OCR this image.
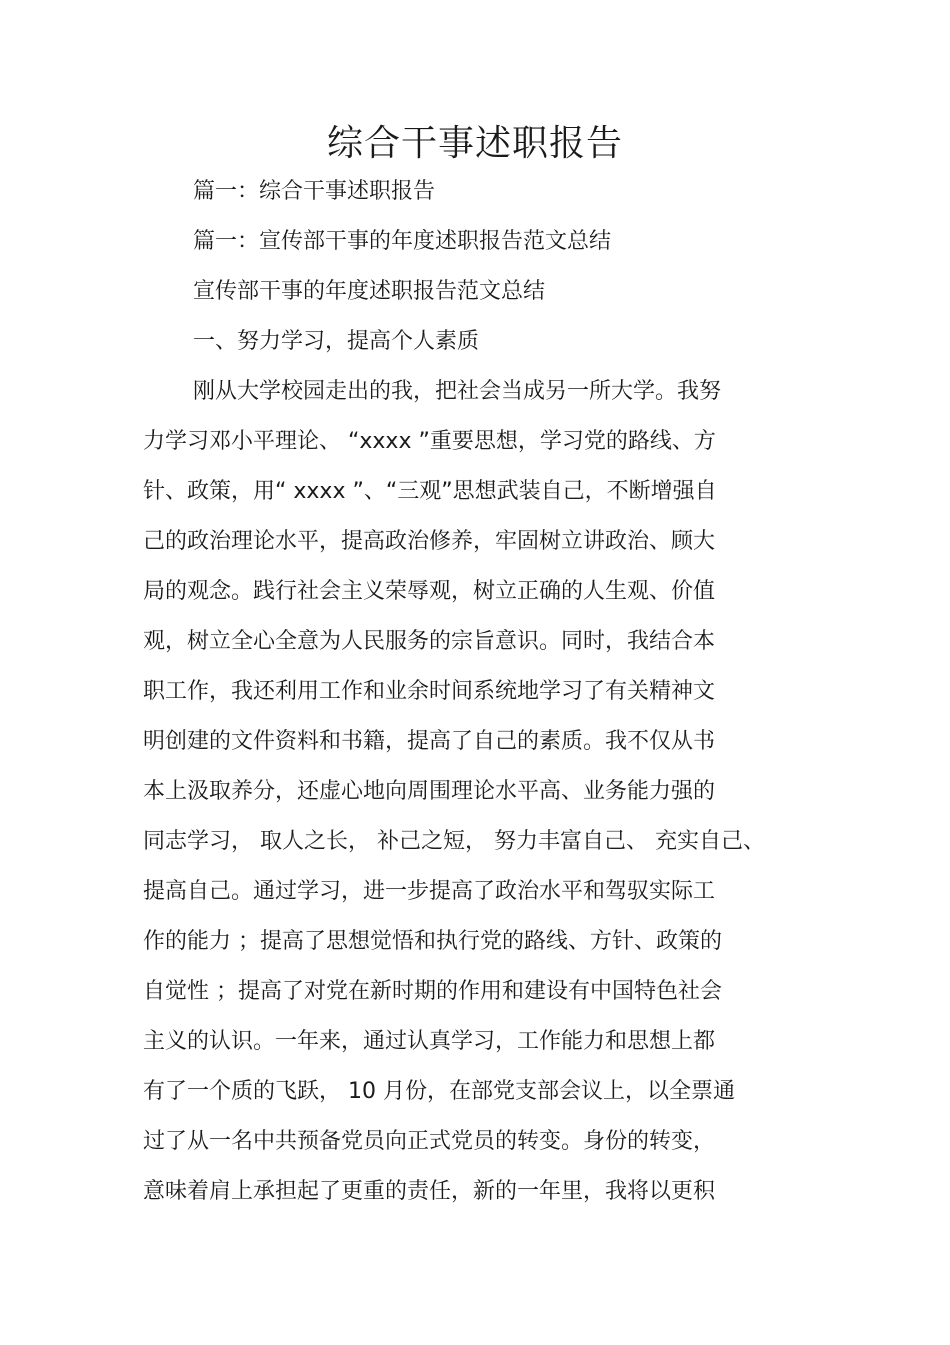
综合干事述职报告
篇一：综合干事述职报告
篇一：宣传部干事的年度述职报告范文总结
宣传部干事的年度述职报告范文总结
一、努力学习，提高个人素质
刚从大学校园走出的我，把社会当成另一所大学。我努
力学习邓小平理论、 “xxxx ”重要思想，学习党的路线、方
针、政策，用“ xxxx ”、“三观”思想武装自己，不断增强自
己的政治理论水平，提高政治修养，牢固树立讲政治、顾大
局的观念。践行社会主义荣辱观，树立正确的人生观、价值
观，树立全心全意为人民服务的宗旨意识。同时，我结合本
职工作，我还利用工作和业余时间系统地学习了有关精神文
明创建的文件资料和书籍，提高了自己的素质。我不仅从书
本上汲取养分，还虚心地向周围理论水平高、业务能力强的
同志学习， 取人之长， 补己之短， 努力丰富自己、 充实自己、
提高自己。通过学习，进一步提高了政治水平和驾驭实际工
作的能力 ；提高了思想觉悟和执行党的路线、方针、政策的
自觉性 ；提高了对党在新时期的作用和建设有中国特色社会
主义的认识。一年来，通过认真学习，工作能力和思想上都
有了一个质的飞跃， 10 月份，在部党支部会议上，以全票通
过了从一名中共预备党员向正式党员的转变。身份的转变，
意味着肩上承担起了更重的责任，新的一年里，我将以更积
